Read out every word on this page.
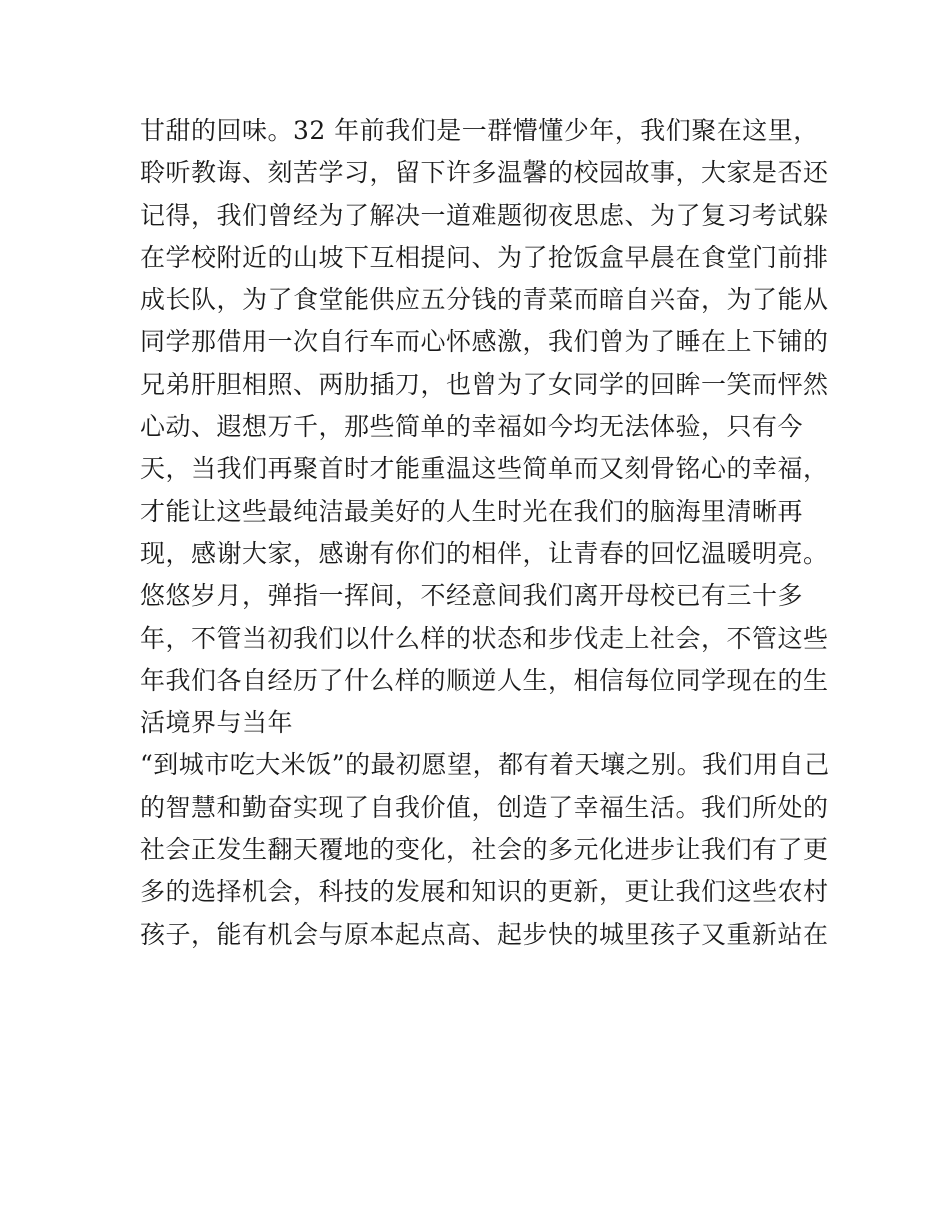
甘甜的回味。32 年前我们是一群懵懂少年，我们聚在这里，
聆听教诲、刻苦学习，留下许多温馨的校园故事，大家是否还
记得，我们曾经为了解决一道难题彻夜思虑、为了复习考试躲
在学校附近的山坡下互相提问、为了抢饭盒早晨在食堂门前排
成长队，为了食堂能供应五分钱的青菜而暗自兴奋，为了能从
同学那借用一次自行车而心怀感激，我们曾为了睡在上下铺的
兄弟肝胆相照、两肋插刀，也曾为了女同学的回眸一笑而怦然
心动、遐想万千，那些简单的幸福如今均无法体验，只有今
天，当我们再聚首时才能重温这些简单而又刻骨铭心的幸福，
才能让这些最纯洁最美好的人生时光在我们的脑海里清晰再
现，感谢大家，感谢有你们的相伴，让青春的回忆温暖明亮。
悠悠岁月，弹指一挥间，不经意间我们离开母校已有三十多
年，不管当初我们以什么样的状态和步伐走上社会，不管这些
年我们各自经历了什么样的顺逆人生，相信每位同学现在的生
活境界与当年
“到城市吃大米饭”的最初愿望，都有着天壤之别。我们用自己
的智慧和勤奋实现了自我价值，创造了幸福生活。我们所处的
社会正发生翻天覆地的变化，社会的多元化进步让我们有了更
多的选择机会，科技的发展和知识的更新，更让我们这些农村
孩子，能有机会与原本起点高、起步快的城里孩子又重新站在
